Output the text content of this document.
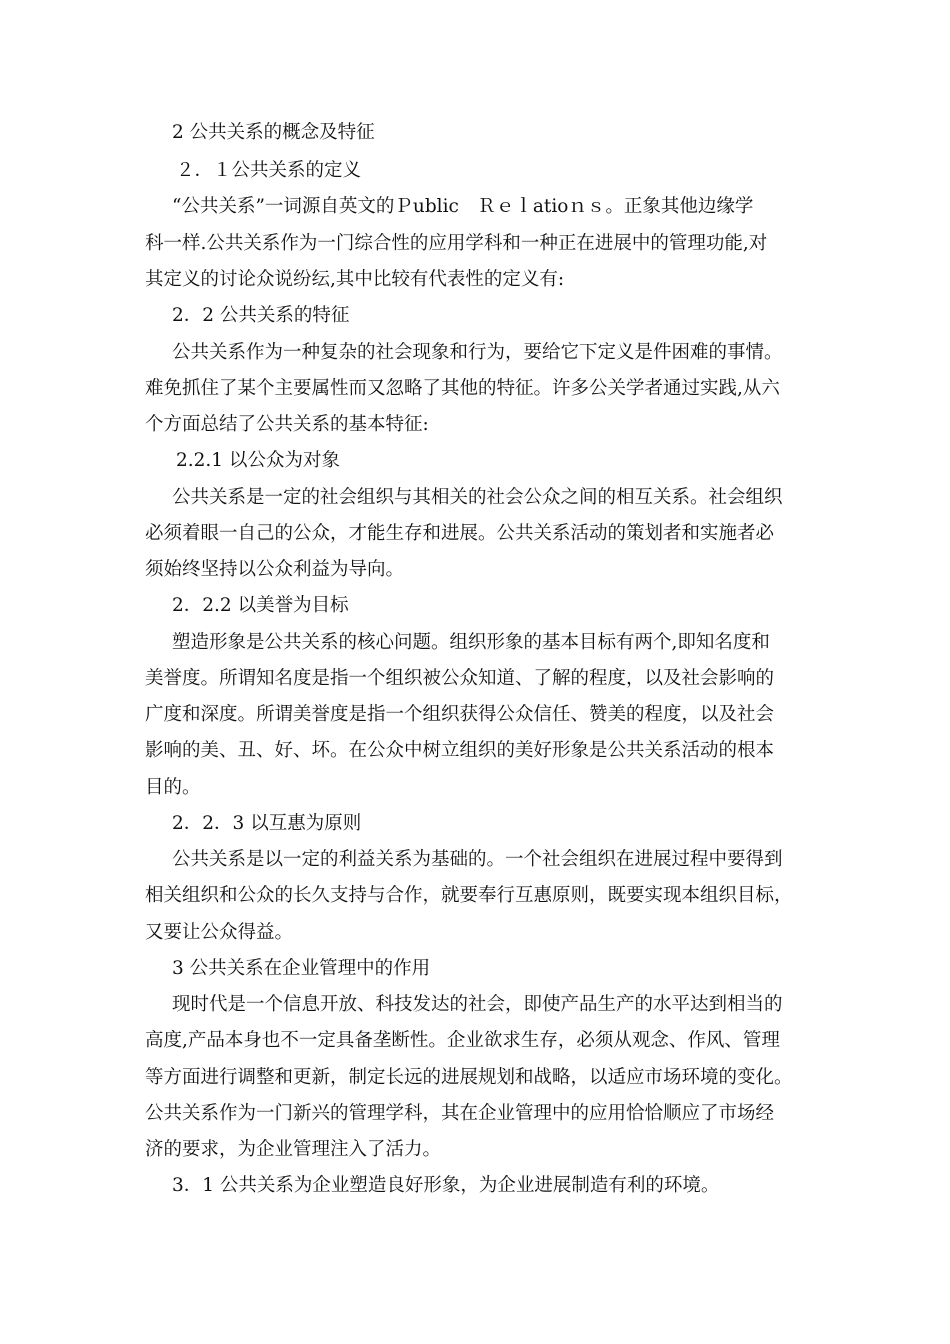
2 公共关系的概念及特征
２．１公共关系的定义
“公共关系”一词源自英文的Ｐublic　Ｒｅｌatioｎｓ。正象其他边缘学
科一样.公共关系作为一门综合性的应用学科和一种正在进展中的管理功能,对
其定义的讨论众说纷纭,其中比较有代表性的定义有:
2．2 公共关系的特征
公共关系作为一种复杂的社会现象和行为，要给它下定义是件困难的事情。
难免抓住了某个主要属性而又忽略了其他的特征。许多公关学者通过实践,从六
个方面总结了公共关系的基本特征:
2.2.1 以公众为对象
公共关系是一定的社会组织与其相关的社会公众之间的相互关系。社会组织
必须着眼一自己的公众，才能生存和进展。公共关系活动的策划者和实施者必
须始终坚持以公众利益为导向。
2．2.2 以美誉为目标
塑造形象是公共关系的核心问题。组织形象的基本目标有两个,即知名度和
美誉度。所谓知名度是指一个组织被公众知道、了解的程度，以及社会影响的
广度和深度。所谓美誉度是指一个组织获得公众信任、赞美的程度，以及社会
影响的美、丑、好、坏。在公众中树立组织的美好形象是公共关系活动的根本
目的。
2．2．3 以互惠为原则
公共关系是以一定的利益关系为基础的。一个社会组织在进展过程中要得到
相关组织和公众的长久支持与合作，就要奉行互惠原则，既要实现本组织目标，
又要让公众得益。
3 公共关系在企业管理中的作用
现时代是一个信息开放、科技发达的社会，即使产品生产的水平达到相当的
高度,产品本身也不一定具备垄断性。企业欲求生存，必须从观念、作风、管理
等方面进行调整和更新，制定长远的进展规划和战略，以适应市场环境的变化。
公共关系作为一门新兴的管理学科，其在企业管理中的应用恰恰顺应了市场经
济的要求，为企业管理注入了活力。
3．1 公共关系为企业塑造良好形象，为企业进展制造有利的环境。
